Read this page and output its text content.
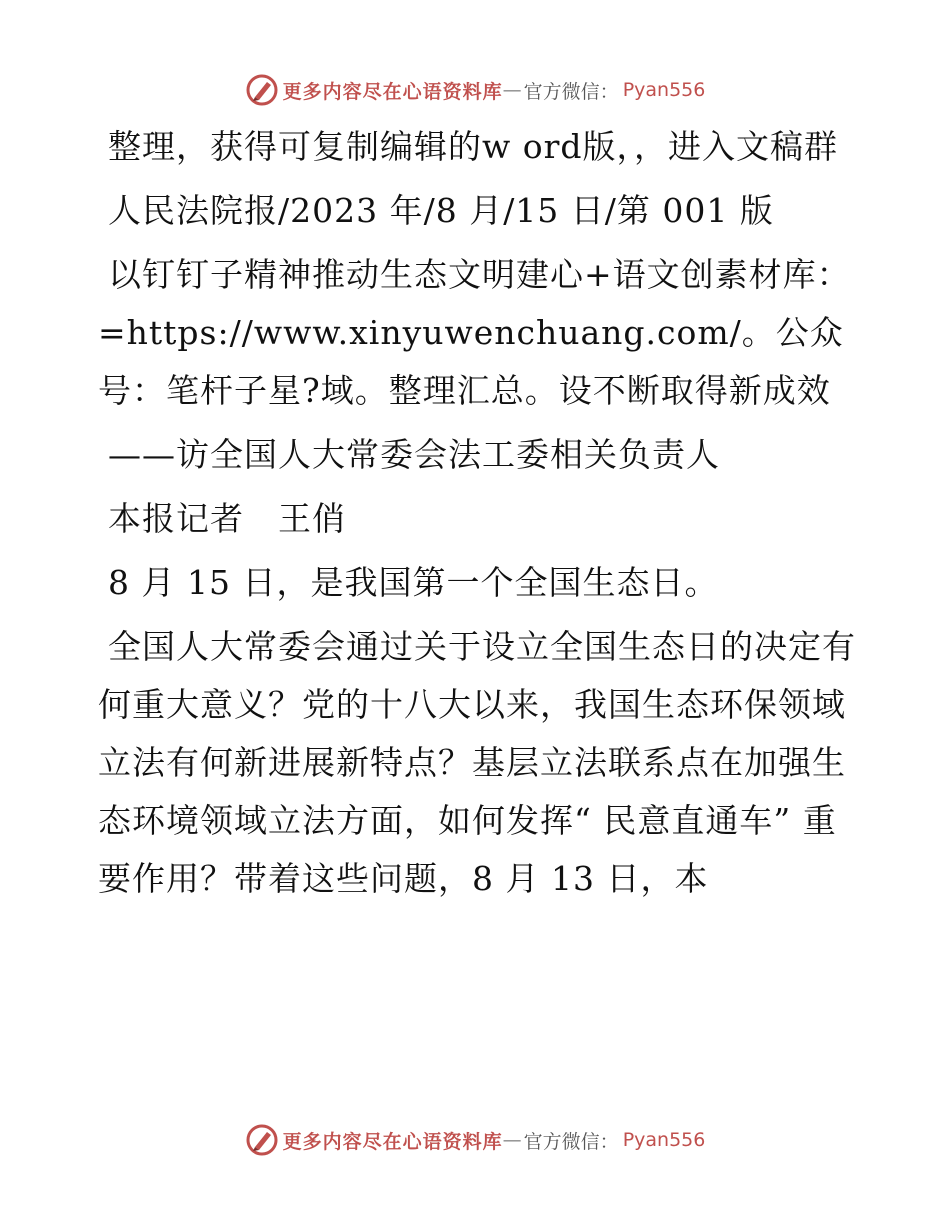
更多内容尽在心语资料库 — 官方微信： Pyan556

整理，获得可复制编辑的w ord版，，进入文稿群

人民法院报/2023 年/8 月/15 日/第 001 版

以钉钉子精神推动生态文明建心+语文创素材库：=https://www.xinyuwenchuang.com/。公众号：笔杆子星?域。整理汇总。设不断取得新成效

——访全国人大常委会法工委相关负责人

本报记者　王俏

8 月 15 日，是我国第一个全国生态日。

全国人大常委会通过关于设立全国生态日的决定有何重大意义？党的十八大以来，我国生态环保领域立法有何新进展新特点？基层立法联系点在加强生态环境领域立法方面，如何发挥“ 民意直通车” 重要作用？带着这些问题，8 月 13 日，本

更多内容尽在心语资料库 — 官方微信： Pyan556
